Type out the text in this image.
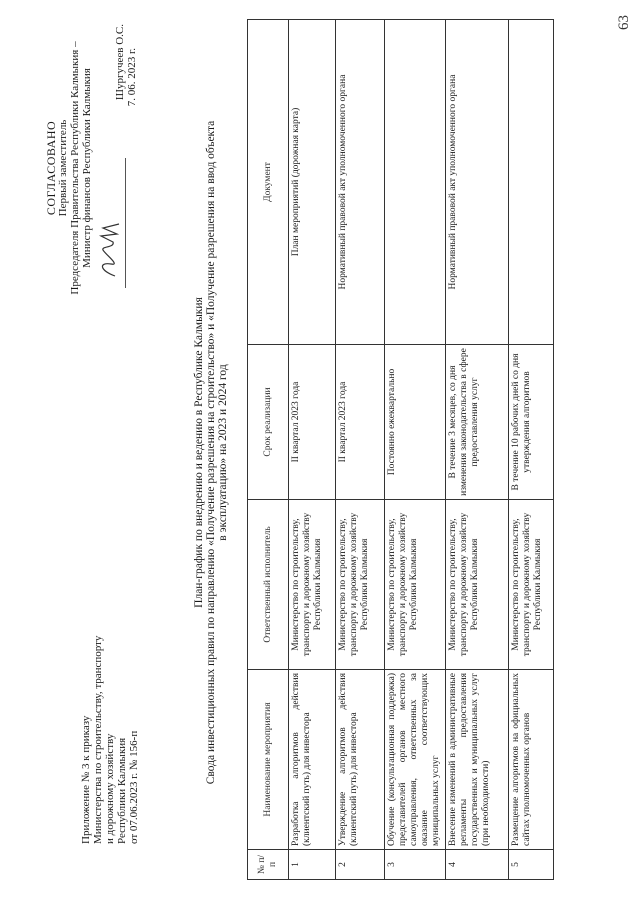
63
СОГЛАСОВАНО Первый заместитель Председателя Правительства Республики Калмыкия – Министр финансов Республики Калмыкия
Шургучеев О.С. 7. 06. 2023 г.
Приложение № 3 к приказу Министерства по строительству, транспорту и дорожному хозяйству Республики Калмыкия от 07.06.2023 г. № 156-п
План-график по внедрению и ведению в Республике Калмыкия Свода инвестиционных правил по направлению «Получение разрешения на строительство» и «Получение разрешения на ввод объекта в эксплуатацию» на 2023 и 2024 год
№ п/п	Наименование мероприятия	Ответственный исполнитель	Срок реализации	Документ
1	Разработка алгоритмов действия (клиентский путь) для инвестора	Министерство по строительству, транспорту и дорожному хозяйству Республики Калмыкия	II квартал 2023 года	План мероприятий (дорожная карта)
2	Утверждение алгоритмов действия (клиентский путь) для инвестора	Министерство по строительству, транспорту и дорожному хозяйству Республики Калмыкия	II квартал 2023 года	Нормативный правовой акт уполномоченного органа
3	Обучение (консультационная поддержка) представителей органов местного самоуправления, ответственных за оказание соответствующих муниципальных услуг	Министерство по строительству, транспорту и дорожному хозяйству Республики Калмыкия	Постоянно ежеквартально	
4	Внесение изменений в административные регламенты предоставления государственных и муниципальных услуг (при необходимости)	Министерство по строительству, транспорту и дорожному хозяйству Республики Калмыкия	В течение 3 месяцев, со дня изменения законодательства в сфере предоставления услуг	Нормативный правовой акт уполномоченного органа
5	Размещение алгоритмов на официальных сайтах уполномоченных органов	Министерство по строительству, транспорту и дорожному хозяйству Республики Калмыкия	В течение 10 рабочих дней со дня утверждения алгоритмов	
